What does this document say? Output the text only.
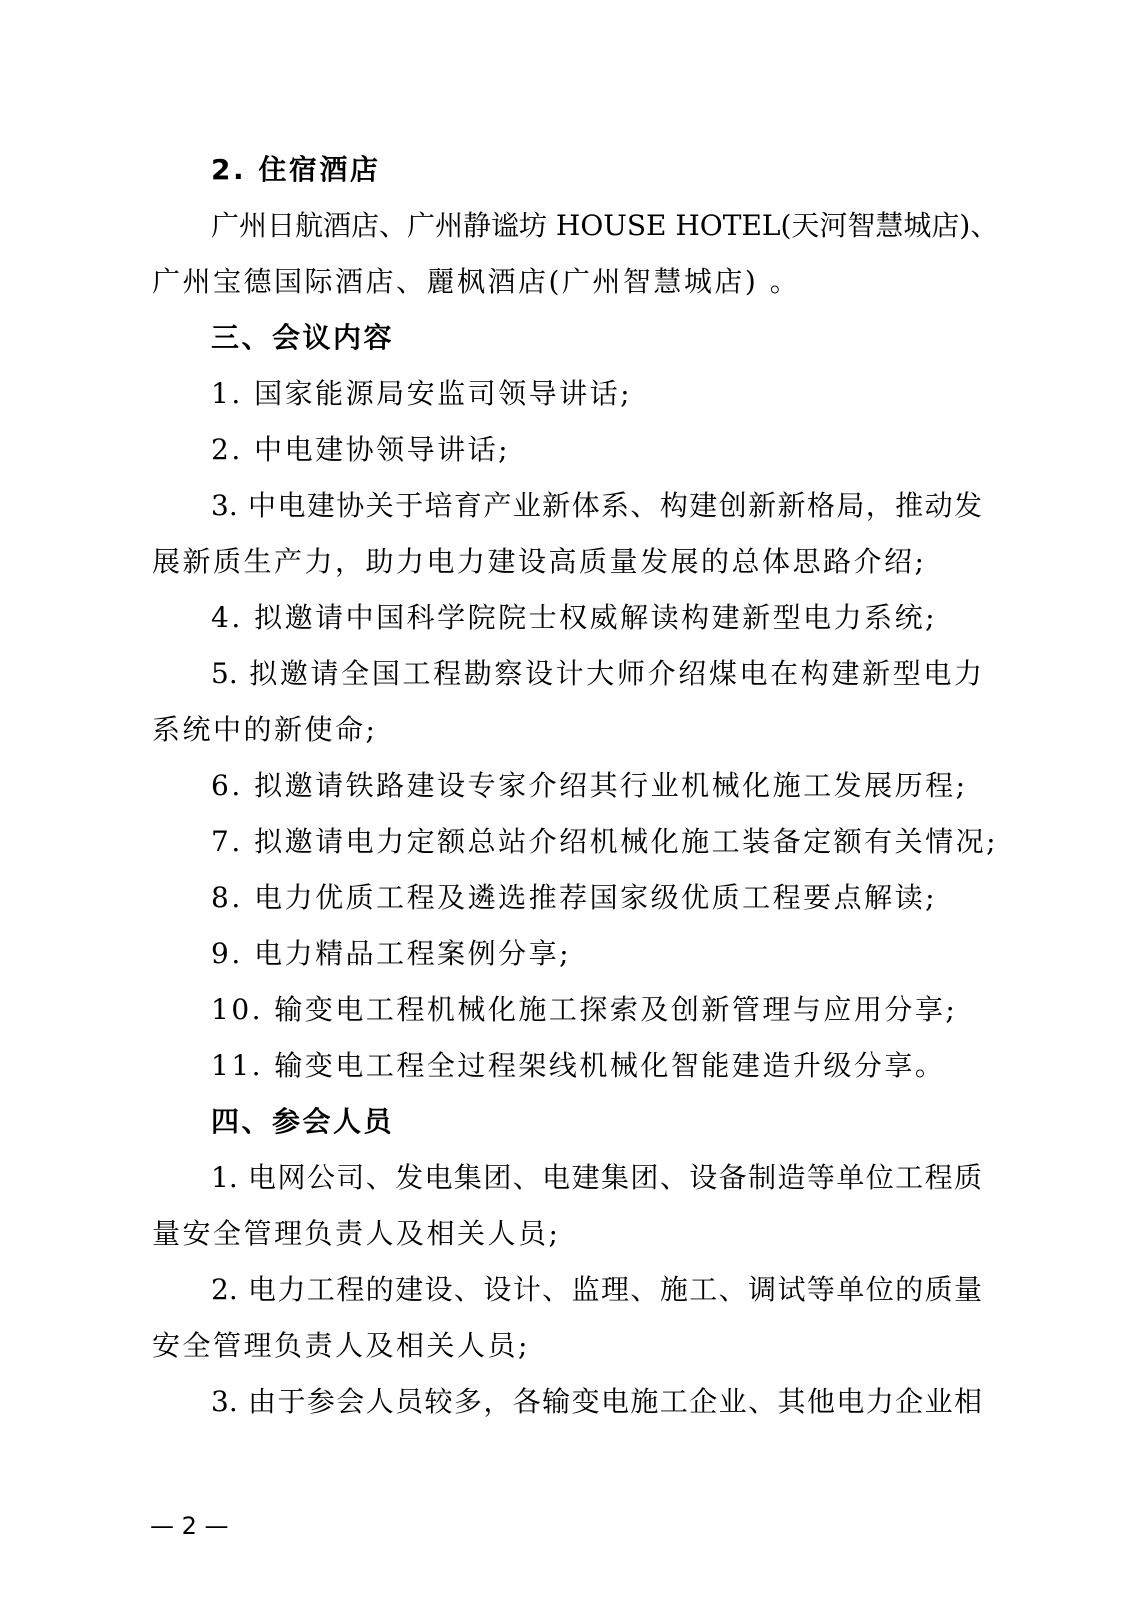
2. 住宿酒店
广州日航酒店、广州静谧坊 HOUSE HOTEL(天河智慧城店)、
广州宝德国际酒店、麗枫酒店(广州智慧城店) 。
三、会议内容
1. 国家能源局安监司领导讲话;
2. 中电建协领导讲话;
3. 中电建协关于培育产业新体系、构建创新新格局，推动发
展新质生产力，助力电力建设高质量发展的总体思路介绍;
4. 拟邀请中国科学院院士权威解读构建新型电力系统;
5. 拟邀请全国工程勘察设计大师介绍煤电在构建新型电力
系统中的新使命;
6. 拟邀请铁路建设专家介绍其行业机械化施工发展历程;
7. 拟邀请电力定额总站介绍机械化施工装备定额有关情况;
8. 电力优质工程及遴选推荐国家级优质工程要点解读;
9. 电力精品工程案例分享;
10. 输变电工程机械化施工探索及创新管理与应用分享;
11. 输变电工程全过程架线机械化智能建造升级分享。
四、参会人员
1. 电网公司、发电集团、电建集团、设备制造等单位工程质
量安全管理负责人及相关人员;
2. 电力工程的建设、设计、监理、施工、调试等单位的质量
安全管理负责人及相关人员;
3. 由于参会人员较多，各输变电施工企业、其他电力企业相
— 2 —
